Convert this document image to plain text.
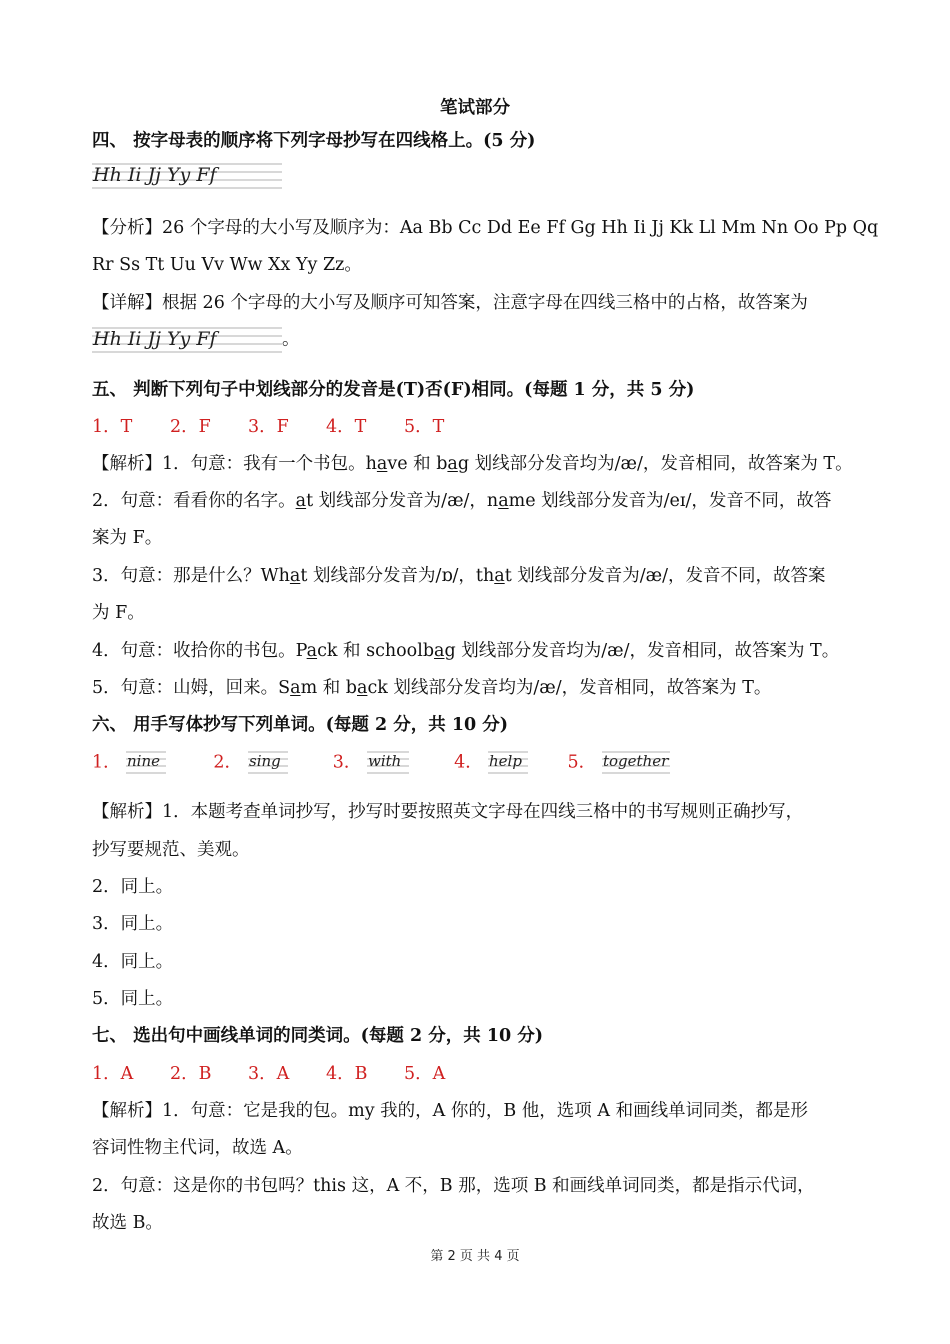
笔试部分
四、 按字母表的顺序将下列字母抄写在四线格上。(5 分)
Hh Ii Jj Yy Ff
【分析】26 个字母的大小写及顺序为：Aa Bb Cc Dd Ee Ff Gg Hh Ii Jj Kk Ll Mm Nn Oo Pp Qq
Rr Ss Tt Uu Vv Ww Xx Yy Zz。
【详解】根据 26 个字母的大小写及顺序可知答案，注意字母在四线三格中的占格，故答案为
Hh Ii Jj Yy Ff	。
五、 判断下列句子中划线部分的发音是(T)否(F)相同。(每题 1 分，共 5 分)
1．T 2．F 3．F 4．T 5．T
【解析】1．句意：我有一个书包。have 和 bag 划线部分发音均为/æ/，发音相同，故答案为 T。
2．句意：看看你的名字。at 划线部分发音为/æ/，name 划线部分发音为/eɪ/，发音不同，故答
案为 F。
3．句意：那是什么？What 划线部分发音为/ɒ/，that 划线部分发音为/æ/，发音不同，故答案
为 F。
4．句意：收拾你的书包。Pack 和 schoolbag 划线部分发音均为/æ/，发音相同，故答案为 T。
5．句意：山姆，回来。Sam 和 back 划线部分发音均为/æ/，发音相同，故答案为 T。
六、 用手写体抄写下列单词。(每题 2 分，共 10 分)
1． nine	2． sing	3． with	4． help	5． together
【解析】1．本题考查单词抄写，抄写时要按照英文字母在四线三格中的书写规则正确抄写，
抄写要规范、美观。
2．同上。
3．同上。
4．同上。
5．同上。
七、 选出句中画线单词的同类词。(每题 2 分，共 10 分)
1．A 2．B 3．A 4．B 5．A
【解析】1．句意：它是我的包。my 我的，A 你的，B 他，选项 A 和画线单词同类，都是形
容词性物主代词，故选 A。
2．句意：这是你的书包吗？this 这，A 不，B 那，选项 B 和画线单词同类，都是指示代词，
故选 B。
第 2 页 共 4 页
